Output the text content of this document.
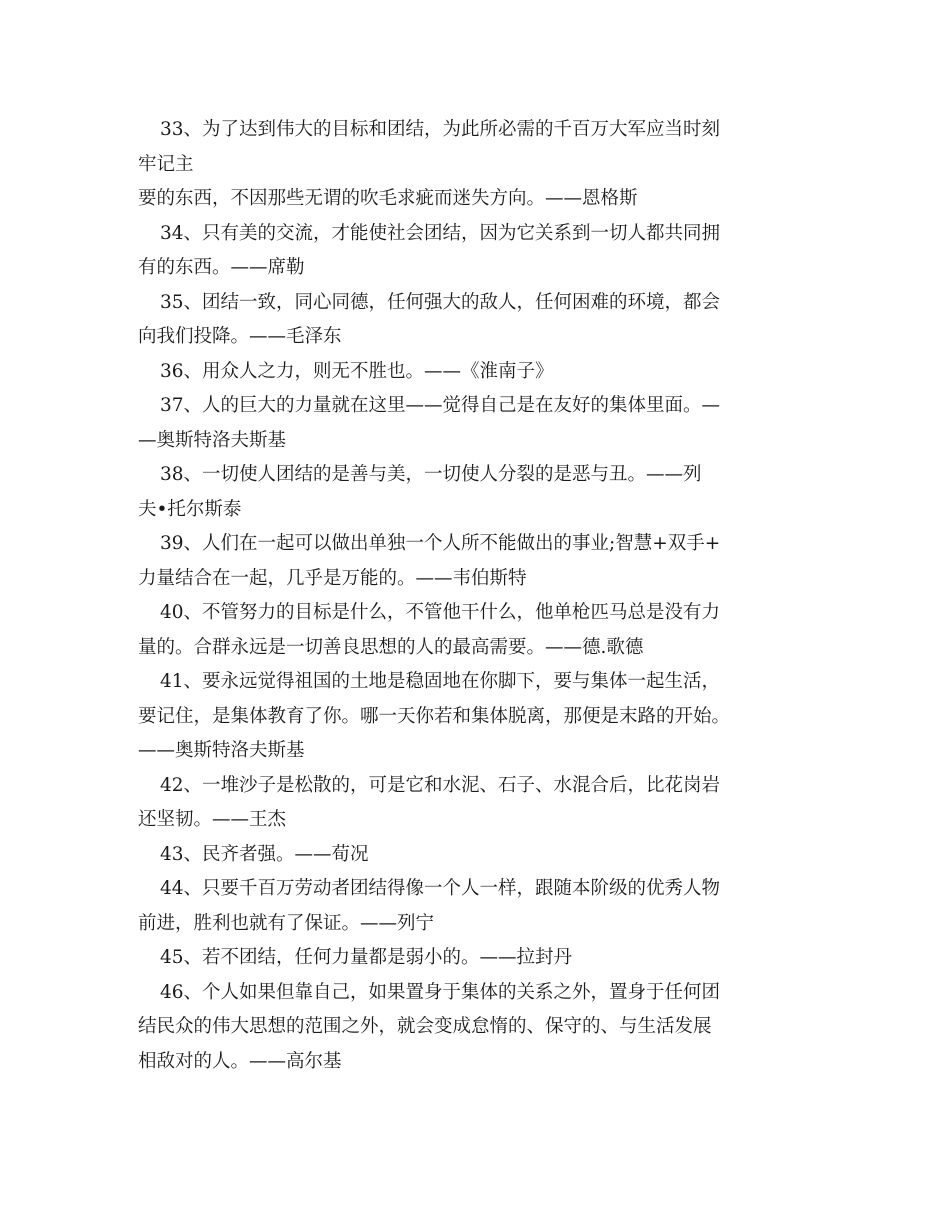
33、为了达到伟大的目标和团结，为此所必需的千百万大军应当时刻
牢记主
要的东西，不因那些无谓的吹毛求疵而迷失方向。——恩格斯
34、只有美的交流，才能使社会团结，因为它关系到一切人都共同拥
有的东西。——席勒
35、团结一致，同心同德，任何强大的敌人，任何困难的环境，都会
向我们投降。——毛泽东
36、用众人之力，则无不胜也。——《淮南子》
37、人的巨大的力量就在这里——觉得自己是在友好的集体里面。—
—奥斯特洛夫斯基
38、一切使人团结的是善与美，一切使人分裂的是恶与丑。——列
夫•托尔斯泰
39、人们在一起可以做出单独一个人所不能做出的事业;智慧+双手+
力量结合在一起，几乎是万能的。——韦伯斯特
40、不管努力的目标是什么，不管他干什么，他单枪匹马总是没有力
量的。合群永远是一切善良思想的人的最高需要。——德.歌德
41、要永远觉得祖国的土地是稳固地在你脚下，要与集体一起生活，
要记住，是集体教育了你。哪一天你若和集体脱离，那便是末路的开始。
——奥斯特洛夫斯基
42、一堆沙子是松散的，可是它和水泥、石子、水混合后，比花岗岩
还坚韧。——王杰
43、民齐者强。——荀况
44、只要千百万劳动者团结得像一个人一样，跟随本阶级的优秀人物
前进，胜利也就有了保证。——列宁
45、若不团结，任何力量都是弱小的。——拉封丹
46、个人如果但靠自己，如果置身于集体的关系之外，置身于任何团
结民众的伟大思想的范围之外，就会变成怠惰的、保守的、与生活发展
相敌对的人。——高尔基
